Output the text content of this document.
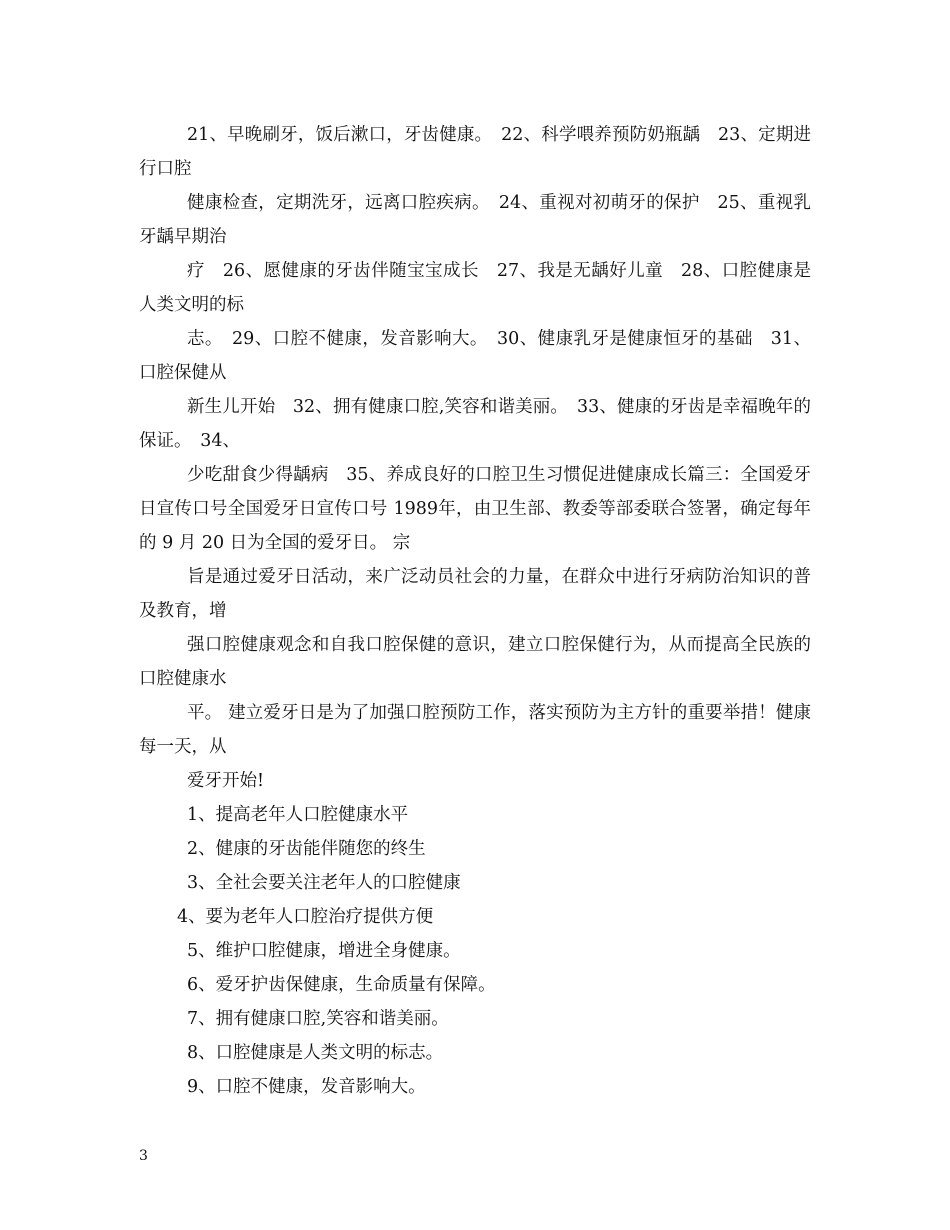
21、早晚刷牙，饭后漱口，牙齿健康。　22、科学喂养预防奶瓶龋　23、定期进行口腔

健康检查，定期洗牙，远离口腔疾病。　24、重视对初萌牙的保护　25、重视乳牙龋早期治

疗　26、愿健康的牙齿伴随宝宝成长　27、我是无龋好儿童　28、口腔健康是人类文明的标

志。　29、口腔不健康，发音影响大。　30、健康乳牙是健康恒牙的基础　31、口腔保健从

新生儿开始　32、拥有健康口腔,笑容和谐美丽。　33、健康的牙齿是幸福晚年的保证。　34、

少吃甜食少得龋病　35、养成良好的口腔卫生习惯促进健康成长篇三：全国爱牙日宣传口号全国爱牙日宣传口号 1989年，由卫生部、教委等部委联合签署，确定每年的 9 月 20 日为全国的爱牙日。 宗

旨是通过爱牙日活动，来广泛动员社会的力量，在群众中进行牙病防治知识的普及教育，增

强口腔健康观念和自我口腔保健的意识，建立口腔保健行为，从而提高全民族的口腔健康水

平。 建立爱牙日是为了加强口腔预防工作，落实预防为主方针的重要举措！健康每一天，从

爱牙开始!

1、提高老年人口腔健康水平

2、健康的牙齿能伴随您的终生

3、全社会要关注老年人的口腔健康

4、要为老年人口腔治疗提供方便

5、维护口腔健康，增进全身健康。

6、爱牙护齿保健康，生命质量有保障。

7、拥有健康口腔,笑容和谐美丽。

8、口腔健康是人类文明的标志。

9、口腔不健康，发音影响大。

3
